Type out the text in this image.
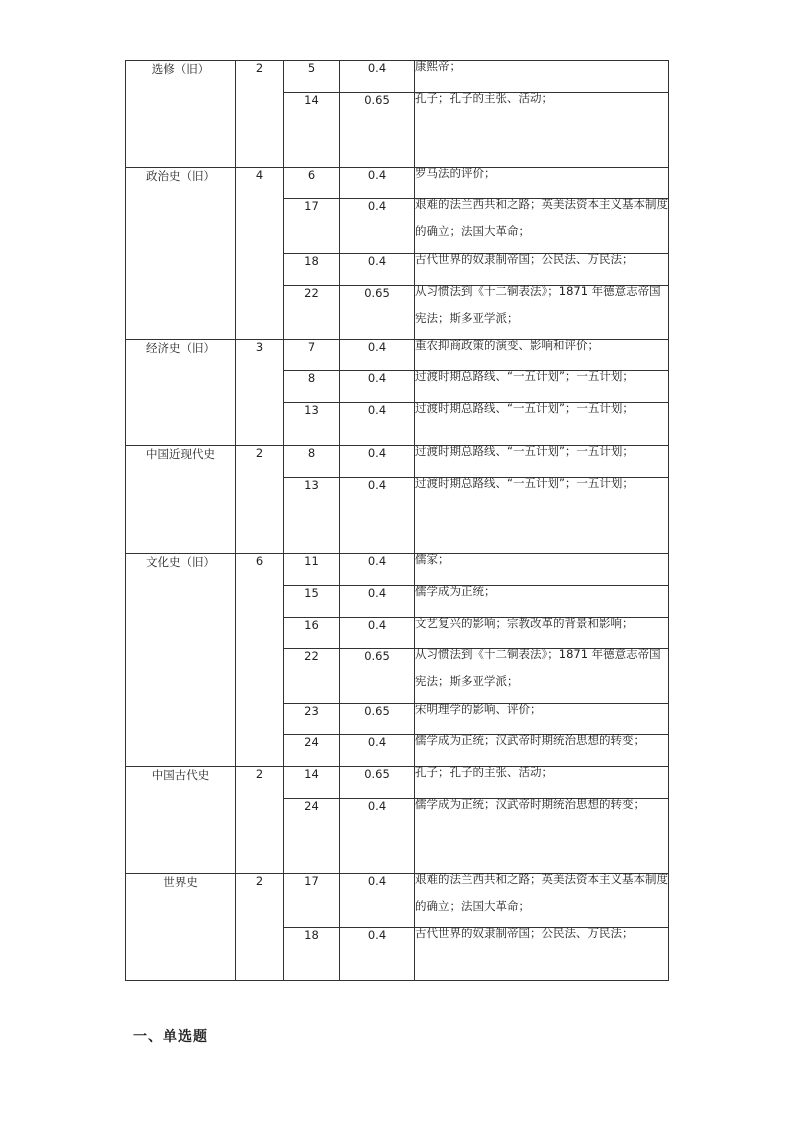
选修（旧）	2	5	0.4	康熙帝；

		14	0.65	孔子；孔子的主张、活动；

政治史（旧）	4	6	0.4	罗马法的评价；

		17	0.4	艰难的法兰西共和之路；英美法资本主义基本制度的确立；法国大革命；

		18	0.4	古代世界的奴隶制帝国；公民法、万民法；

		22	0.65	从习惯法到《十二铜表法》；1871 年德意志帝国宪法；斯多亚学派；

经济史（旧）	3	7	0.4	重农抑商政策的演变、影响和评价；

		8	0.4	过渡时期总路线、“一五计划”；一五计划；

		13	0.4	过渡时期总路线、“一五计划”；一五计划；

中国近现代史	2	8	0.4	过渡时期总路线、“一五计划”；一五计划；

		13	0.4	过渡时期总路线、“一五计划”；一五计划；

文化史（旧）	6	11	0.4	儒家；

		15	0.4	儒学成为正统；

		16	0.4	文艺复兴的影响；宗教改革的背景和影响；

		22	0.65	从习惯法到《十二铜表法》；1871 年德意志帝国宪法；斯多亚学派；

		23	0.65	宋明理学的影响、评价；

		24	0.4	儒学成为正统；汉武帝时期统治思想的转变；

中国古代史	2	14	0.65	孔子；孔子的主张、活动；

		24	0.4	儒学成为正统；汉武帝时期统治思想的转变；

世界史	2	17	0.4	艰难的法兰西共和之路；英美法资本主义基本制度的确立；法国大革命；

		18	0.4	古代世界的奴隶制帝国；公民法、万民法；
一、单选题
